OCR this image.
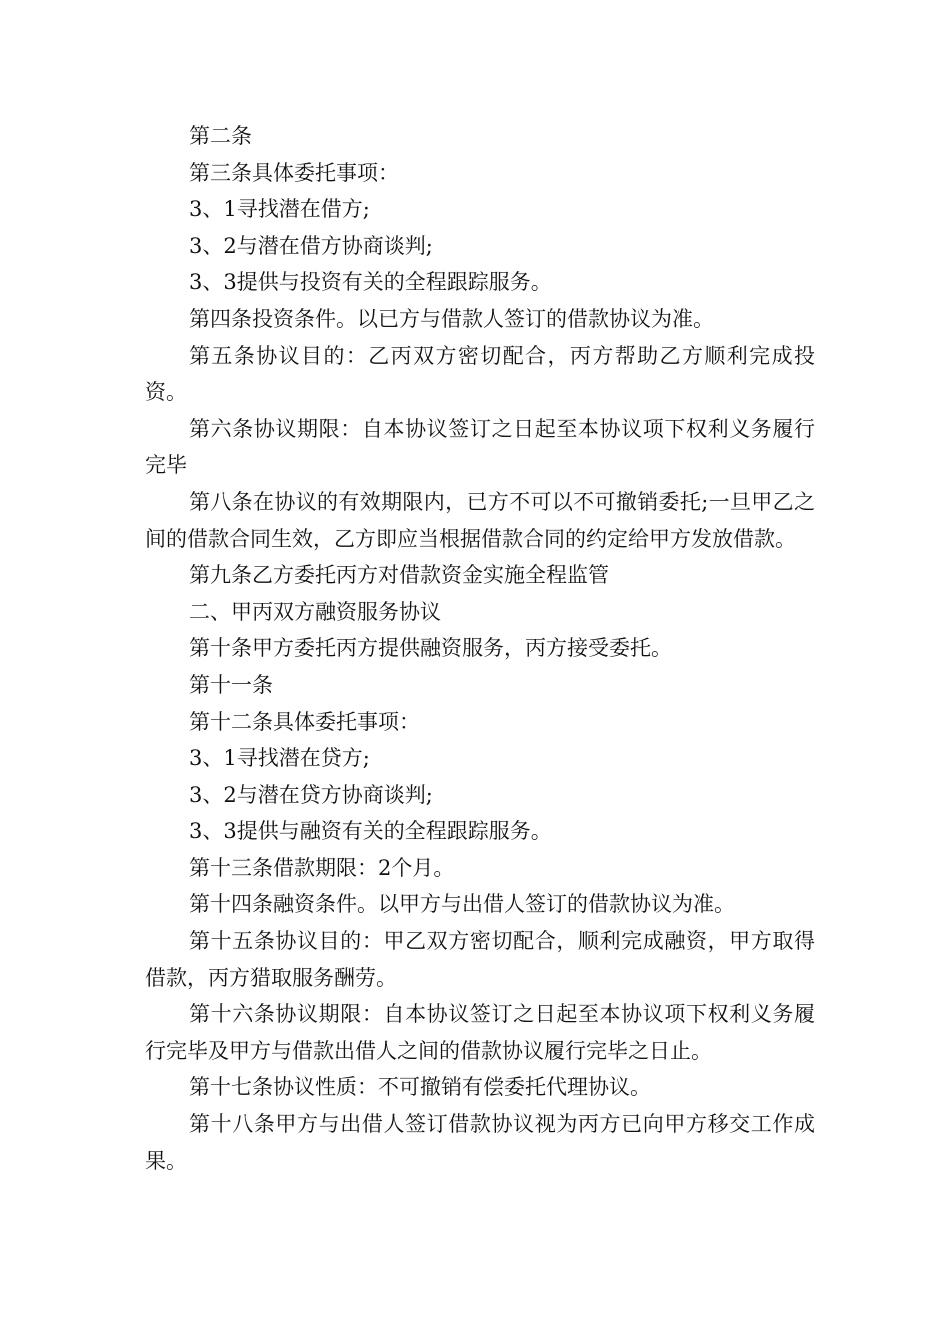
第二条

第三条具体委托事项：

3、1寻找潜在借方;

3、2与潜在借方协商谈判;

3、3提供与投资有关的全程跟踪服务。

第四条投资条件。以已方与借款人签订的借款协议为准。

第五条协议目的：乙丙双方密切配合，丙方帮助乙方顺利完成投资。

第六条协议期限：自本协议签订之日起至本协议项下权利义务履行完毕

第八条在协议的有效期限内，已方不可以不可撤销委托;一旦甲乙之间的借款合同生效，乙方即应当根据借款合同的约定给甲方发放借款。

第九条乙方委托丙方对借款资金实施全程监管

二、甲丙双方融资服务协议

第十条甲方委托丙方提供融资服务，丙方接受委托。

第十一条

第十二条具体委托事项：

3、1寻找潜在贷方;

3、2与潜在贷方协商谈判;

3、3提供与融资有关的全程跟踪服务。

第十三条借款期限：2个月。

第十四条融资条件。以甲方与出借人签订的借款协议为准。

第十五条协议目的：甲乙双方密切配合，顺利完成融资，甲方取得借款，丙方猎取服务酬劳。

第十六条协议期限：自本协议签订之日起至本协议项下权利义务履行完毕及甲方与借款出借人之间的借款协议履行完毕之日止。

第十七条协议性质：不可撤销有偿委托代理协议。

第十八条甲方与出借人签订借款协议视为丙方已向甲方移交工作成果。
